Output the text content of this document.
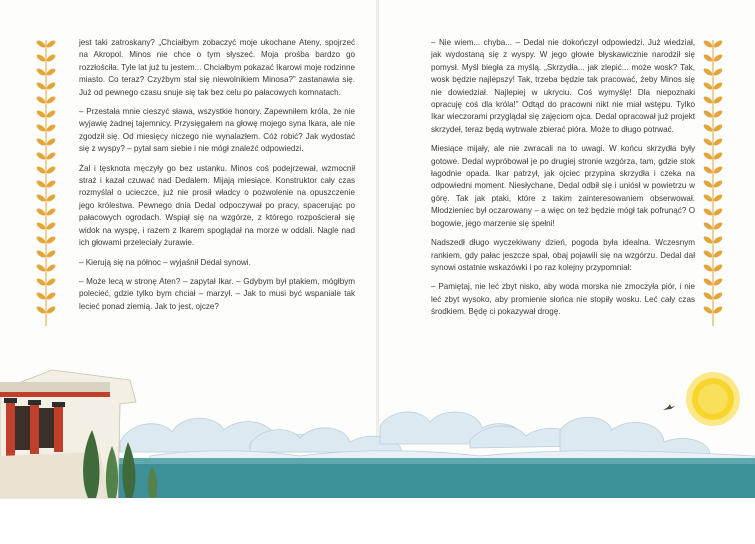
jest taki zatroskany? „Chciałbym zobaczyć moje ukochane Ateny, spojrzeć na Akropol. Minos nie chce o tym słyszeć. Moja prośba bardzo go rozzłościła. Tyle lat już tu jestem... Chciałbym pokazać Ikarowi moje rodzinne miasto. Co teraz? Czyżbym stał się niewolnikiem Minosa?” zastanawia się. Już od pewnego czasu snuje się tak bez celu po pałacowych komnatach.

– Przestała mnie cieszyć sława, wszystkie honory. Zapewniłem króla, że nie wyjawię żadnej tajemnicy. Przysięgałem na głowę mojego syna Ikara, ale nie zgodził się. Od miesięcy niczego nie wynalazłem. Cóż robić? Jak wydostać się z wyspy? – pytał sam siebie i nie mógł znaleźć odpowiedzi.

Żal i tęsknota męczyły go bez ustanku. Minos coś podejrzewał, wzmocnił straż i kazał czuwać nad Dedalem. Mijają miesiące. Konstruktor cały czas rozmyślał o ucieczce, już nie prosił władcy o pozwolenie na opuszczenie jego królestwa. Pewnego dnia Dedal odpoczywał po pracy, spacerując po pałacowych ogrodach. Wspiął się na wzgórze, z którego rozpościerał się widok na wyspę, i razem z Ikarem spoglądał na morze w oddali. Nagle nad ich głowami przeleciały żurawie.

– Kierują się na północ – wyjaśnił Dedal synowi.

– Może lecą w stronę Aten? – zapytał Ikar. – Gdybym był ptakiem, mógłbym polecieć, gdzie tylko bym chciał – marzył. – Jak to musi być wspaniale tak lecieć ponad ziemią. Jak to jest, ojcze?

– Nie wiem... chyba... – Dedal nie dokończył odpowiedzi. Już wiedział, jak wydostaną się z wyspy. W jego głowie błyskawicznie narodził się pomysł. Myśl biegła za myślą. „Skrzydła... jak zlepić... może wosk? Tak, wosk będzie najlepszy! Tak, trzeba będzie tak pracować, żeby Minos się nie dowiedział. Najlepiej w ukryciu. Coś wymyślę! Dla niepoznaki opracuję coś dla króla!” Odtąd do pracowni nikt nie miał wstępu. Tylko Ikar wieczorami przyglądał się zajęciom ojca. Dedal opracował już projekt skrzydeł, teraz będą wytrwale zbierać pióra. Może to długo potrwać.

Miesiące mijały, ale nie zwracali na to uwagi. W końcu skrzydła były gotowe. Dedal wypróbował je po drugiej stronie wzgórza, tam, gdzie stok łagodnie opada. Ikar patrzył, jak ojciec przypina skrzydła i czeka na odpowiedni moment. Niesłychane, Dedal odbił się i uniósł w powietrzu w górę. Tak jak ptaki, które z takim zainteresowaniem obserwował. Młodzieniec był oczarowany – a więc on też będzie mógł tak pofrunąć? O bogowie, jego marzenie się spełni!

Nadszedł długo wyczekiwany dzień, pogoda była idealna. Wczesnym rankiem, gdy pałac jeszcze spał, obaj pojawili się na wzgórzu. Dedal dał synowi ostatnie wskazówki i po raz kolejny przypomniał:

– Pamiętaj, nie leć zbyt nisko, aby woda morska nie zmoczyła piór, i nie leć zbyt wysoko, aby promienie słońca nie stopiły wosku. Leć cały czas środkiem. Będę ci pokazywał drogę.
